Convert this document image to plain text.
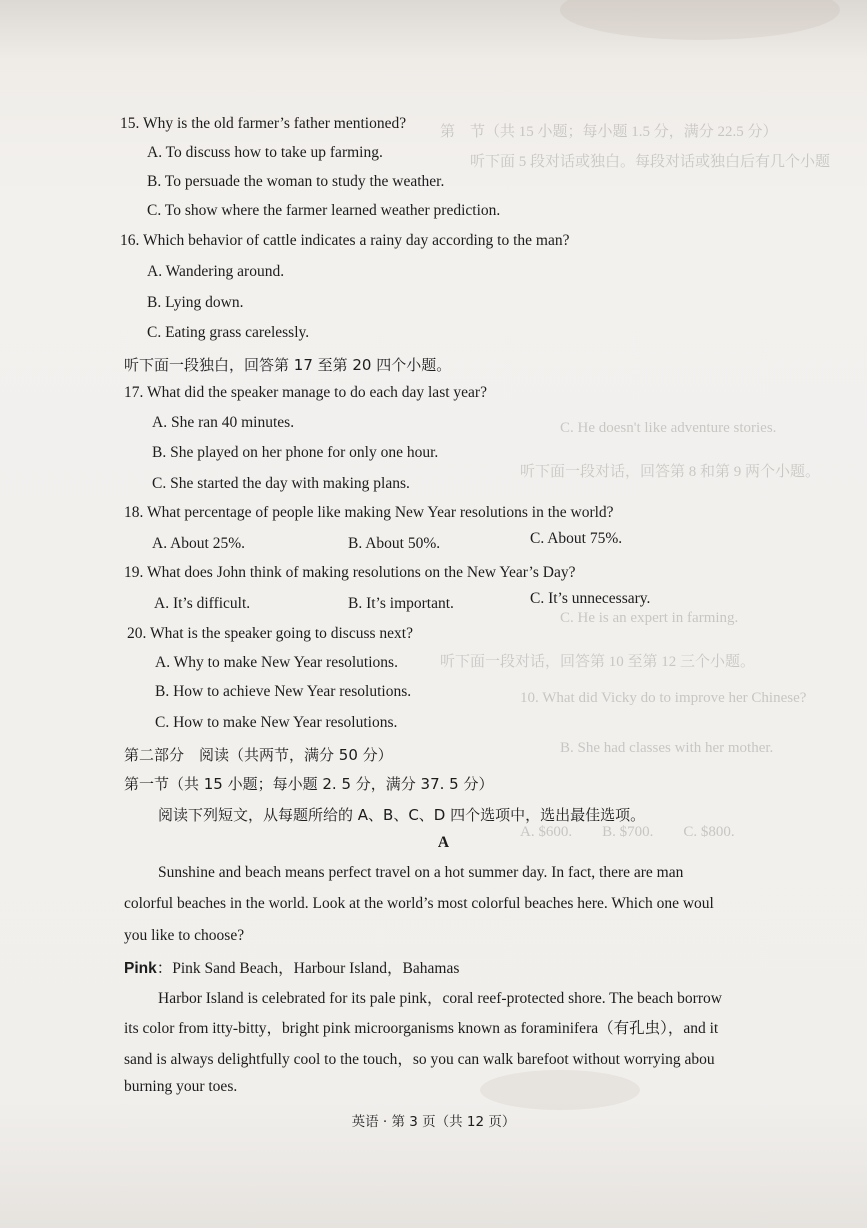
第　节（共 15 小题；每小题 1.5 分，满分 22.5 分）
听下面 5 段对话或独白。每段对话或独白后有几个小题
C. He doesn't like adventure stories.
听下面一段对话，回答第 8 和第 9 两个小题。
C. He is an expert in farming.
听下面一段对话，回答第 10 至第 12 三个小题。
10. What did Vicky do to improve her Chinese?
B. She had classes with her mother.
A. $600.　　B. $700.　　C. $800.
15. Why is the old farmer’s father mentioned?
A. To discuss how to take up farming.
B. To persuade the woman to study the weather.
C. To show where the farmer learned weather prediction.
16. Which behavior of cattle indicates a rainy day according to the man?
A. Wandering around.
B. Lying down.
C. Eating grass carelessly.
听下面一段独白，回答第 17 至第 20 四个小题。
17. What did the speaker manage to do each day last year?
A. She ran 40 minutes.
B. She played on her phone for only one hour.
C. She started the day with making plans.
18. What percentage of people like making New Year resolutions in the world?
A. About 25%.	B. About 50%.	C. About 75%.
19. What does John think of making resolutions on the New Year’s Day?
A. It’s difficult.	B. It’s important.	C. It’s unnecessary.
20. What is the speaker going to discuss next?
A. Why to make New Year resolutions.
B. How to achieve New Year resolutions.
C. How to make New Year resolutions.
第二部分　阅读（共两节，满分 50 分）
第一节（共 15 小题；每小题 2. 5 分，满分 37. 5 分）
阅读下列短文，从每题所给的 A、B、C、D 四个选项中，选出最佳选项。
A
Sunshine and beach means perfect travel on a hot summer day. In fact, there are man
colorful beaches in the world. Look at the world’s most colorful beaches here. Which one woul
you like to choose?
Pink：Pink Sand Beach，Harbour Island，Bahamas
Harbor Island is celebrated for its pale pink，coral reef-protected shore. The beach borrow
its color from itty-bitty，bright pink microorganisms known as foraminifera（有孔虫），and it
sand is always delightfully cool to the touch，so you can walk barefoot without worrying abou
burning your toes.
英语 · 第 3 页（共 12 页）
